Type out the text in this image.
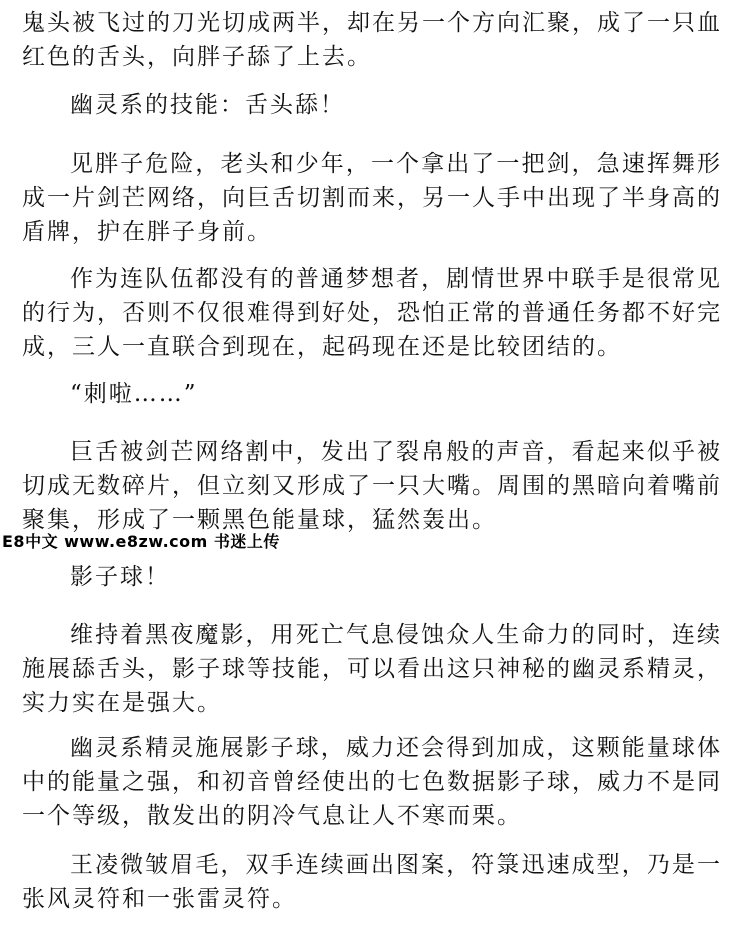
鬼头被飞过的刀光切成两半，却在另一个方向汇聚，成了一只血红色的舌头，向胖子舔了上去。

幽灵系的技能：舌头舔！

见胖子危险，老头和少年，一个拿出了一把剑，急速挥舞形成一片剑芒网络，向巨舌切割而来，另一人手中出现了半身高的盾牌，护在胖子身前。

作为连队伍都没有的普通梦想者，剧情世界中联手是很常见的行为，否则不仅很难得到好处，恐怕正常的普通任务都不好完成，三人一直联合到现在，起码现在还是比较团结的。

“刺啦……”

巨舌被剑芒网络割中，发出了裂帛般的声音，看起来似乎被切成无数碎片，但立刻又形成了一只大嘴。周围的黑暗向着嘴前聚集，形成了一颗黑色能量球，猛然轰出。

E8中文 www.e8zw.com 书迷上传

影子球！

维持着黑夜魔影，用死亡气息侵蚀众人生命力的同时，连续施展舔舌头，影子球等技能，可以看出这只神秘的幽灵系精灵，实力实在是强大。

幽灵系精灵施展影子球，威力还会得到加成，这颗能量球体中的能量之强，和初音曾经使出的七色数据影子球，威力不是同一个等级，散发出的阴冷气息让人不寒而栗。

王凌微皱眉毛，双手连续画出图案，符箓迅速成型，乃是一张风灵符和一张雷灵符。
